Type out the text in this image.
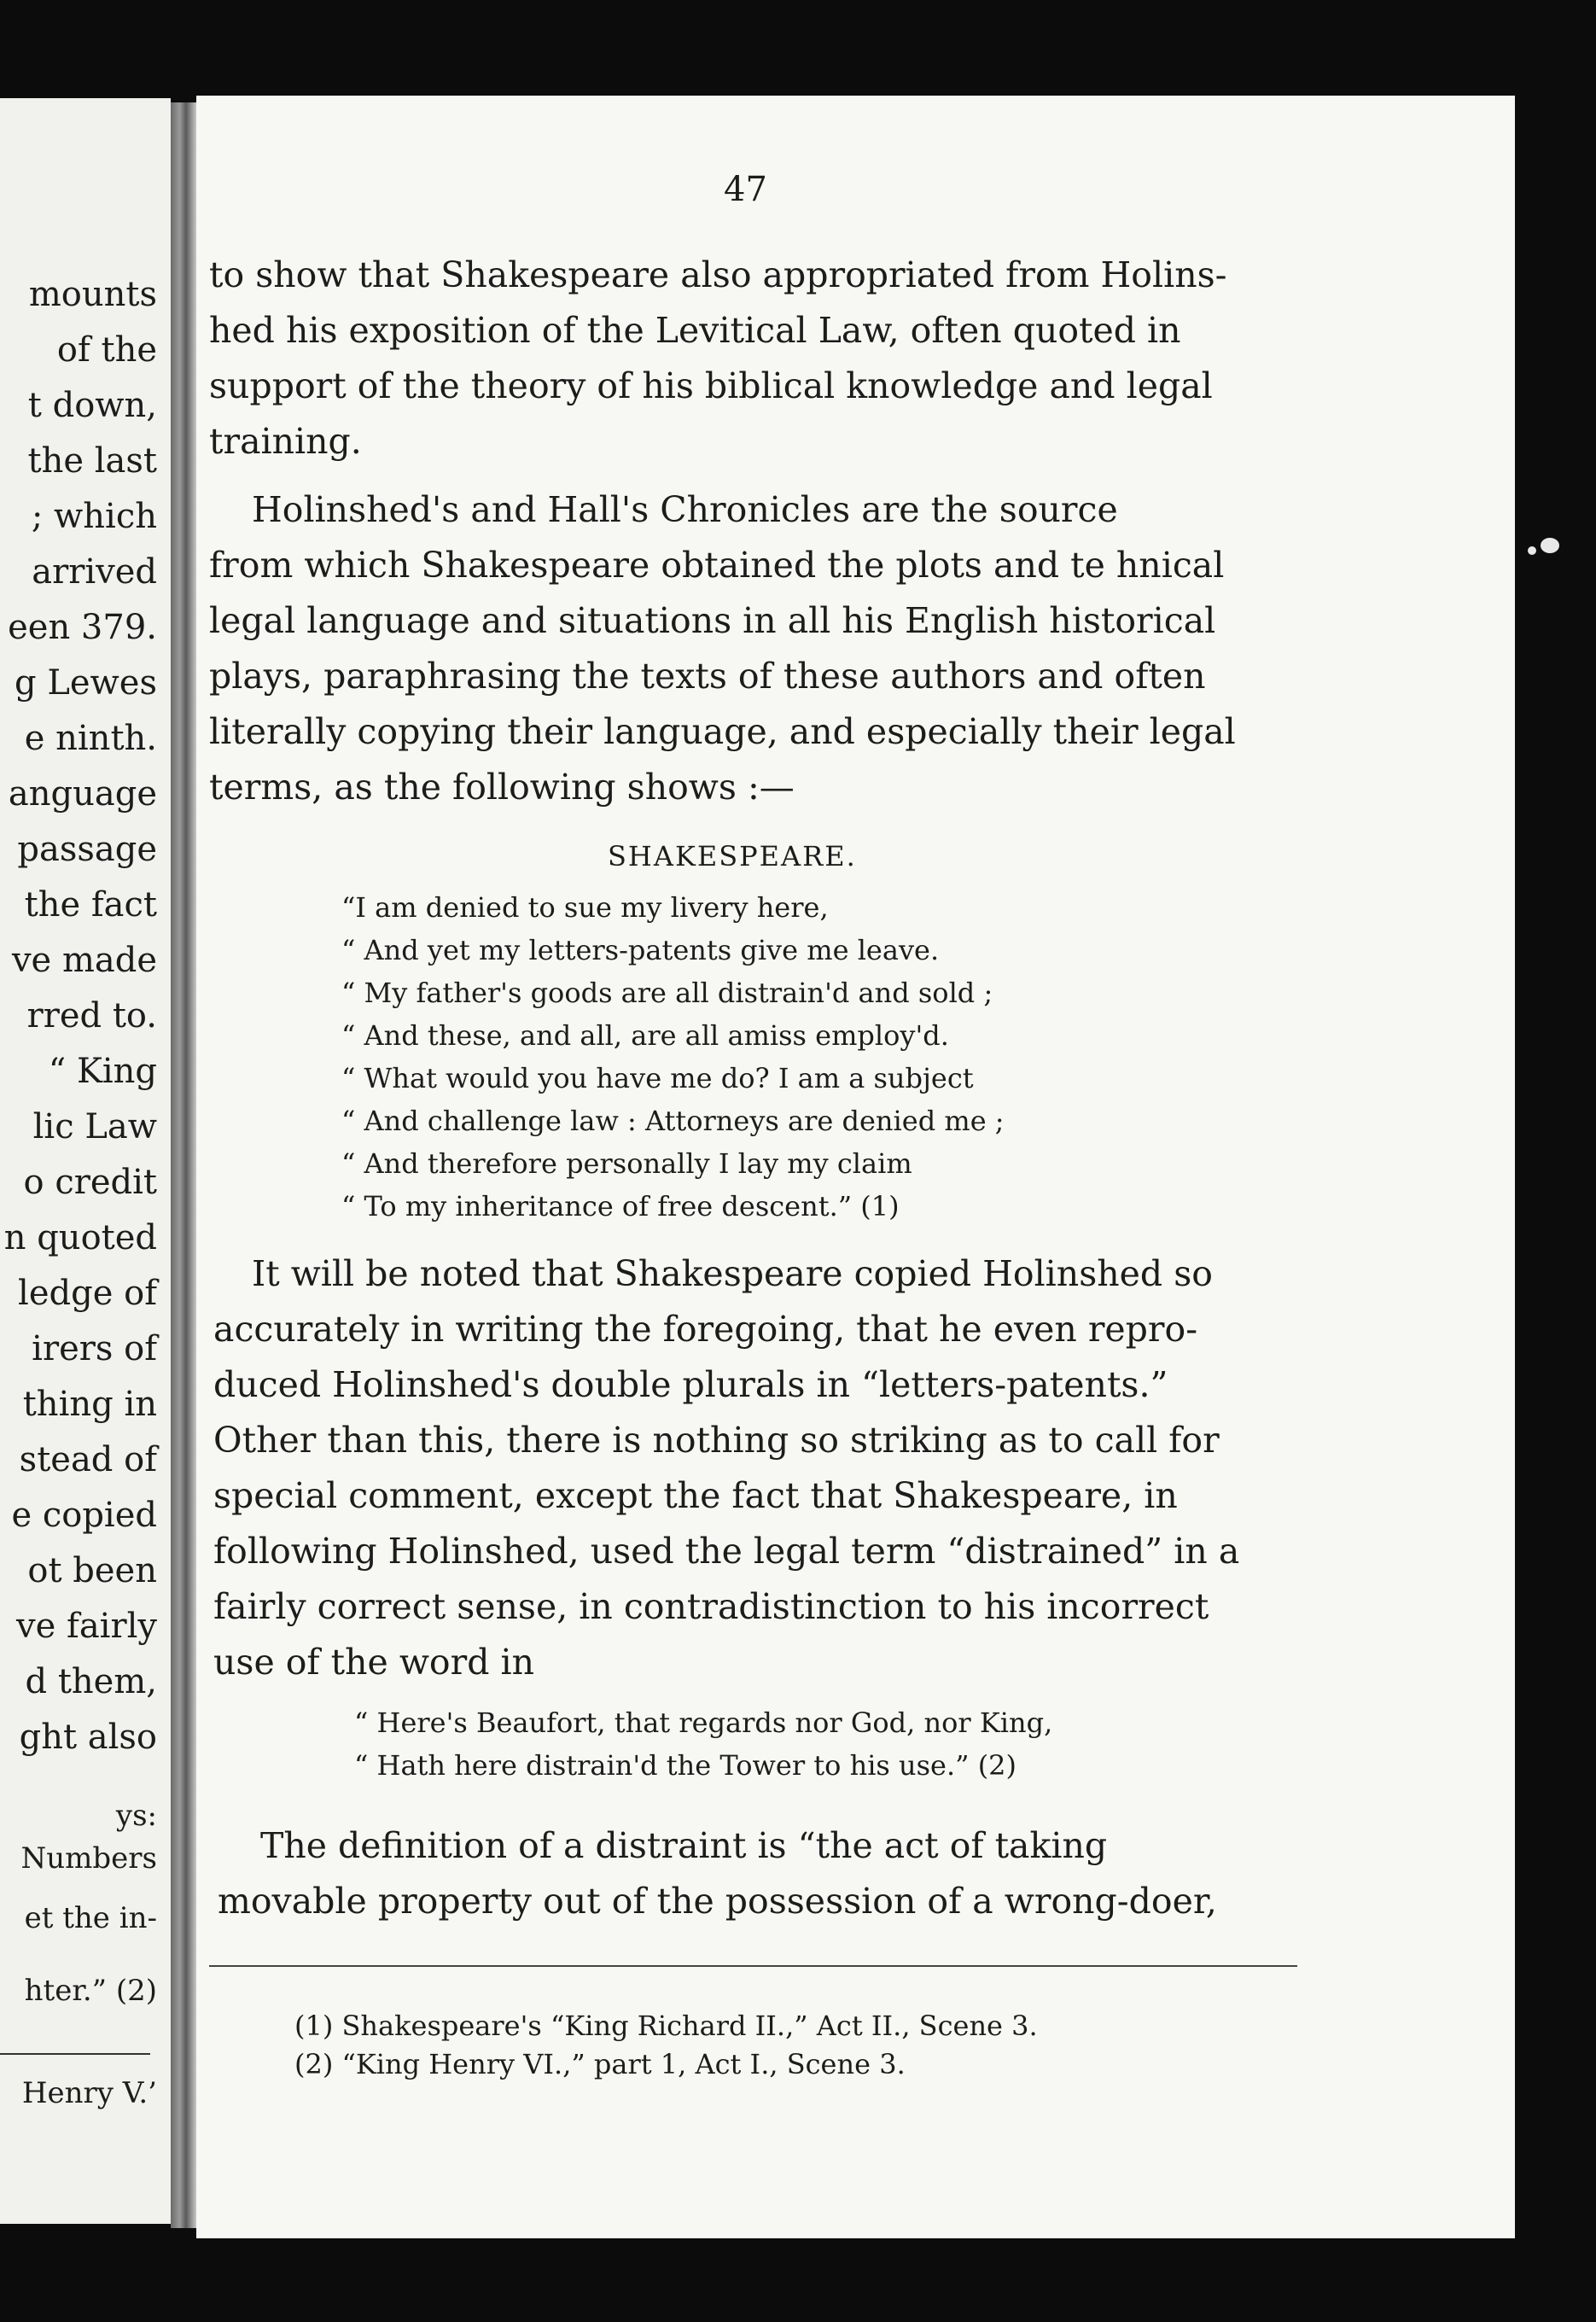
mounts
of the
t down,
the last
; which
arrived
een 379.
g Lewes
e ninth.
anguage
passage
the fact
ve made
rred to.
“ King
lic Law
o credit
n quoted
ledge of
irers of
thing in
stead of
e copied
ot been
ve fairly
d them,
ght also
ys:
Numbers
et the in-
hter.” (2)
Henry V.’
47
to show that Shakespeare also appropriated from Holins-
hed his exposition of the Levitical Law, often quoted in
support of the theory of his biblical knowledge and legal
training.
Holinshed's and Hall's Chronicles are the source
from which Shakespeare obtained the plots and te hnical
legal language and situations in all his English historical
plays, paraphrasing the texts of these authors and often
literally copying their language, and especially their legal
terms, as the following shows :—
SHAKESPEARE.
“I am denied to sue my livery here,
“ And yet my letters-patents give me leave.
“ My father's goods are all distrain'd and sold ;
“ And these, and all, are all amiss employ'd.
“ What would you have me do? I am a subject
“ And challenge law : Attorneys are denied me ;
“ And therefore personally I lay my claim
“ To my inheritance of free descent.” (1)
It will be noted that Shakespeare copied Holinshed so
accurately in writing the foregoing, that he even repro-
duced Holinshed's double plurals in “letters-patents.”
Other than this, there is nothing so striking as to call for
special comment, except the fact that Shakespeare, in
following Holinshed, used the legal term “distrained” in a
fairly correct sense, in contradistinction to his incorrect
use of the word in
“ Here's Beaufort, that regards nor God, nor King,
“ Hath here distrain'd the Tower to his use.” (2)
The definition of a distraint is “the act of taking
movable property out of the possession of a wrong-doer,
(1) Shakespeare's “King Richard II.,” Act II., Scene 3.
(2) “King Henry VI.,” part 1, Act I., Scene 3.
